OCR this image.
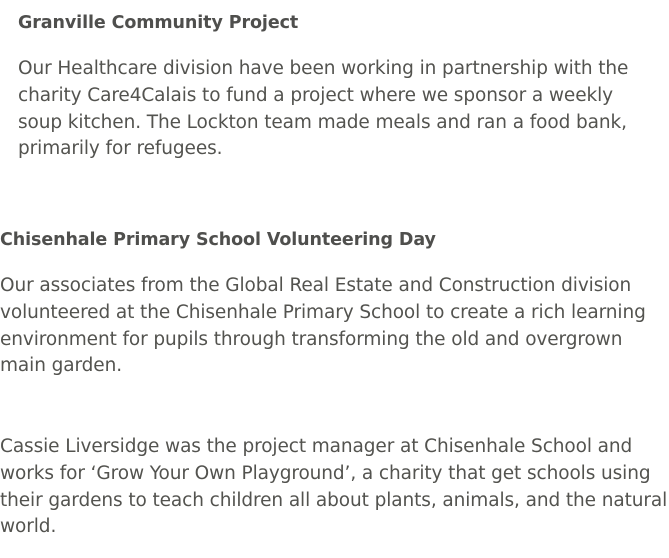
Granville Community Project
Our Healthcare division have been working in partnership with the charity Care4Calais to fund a project where we sponsor a weekly soup kitchen. The Lockton team made meals and ran a food bank, primarily for refugees.
Chisenhale Primary School Volunteering Day
Our associates from the Global Real Estate and Construction division volunteered at the Chisenhale Primary School to create a rich learning environment for pupils through transforming the old and overgrown main garden.
Cassie Liversidge was the project manager at Chisenhale School and works for ‘Grow Your Own Playground’, a charity that get schools using their gardens to teach children all about plants, animals, and the natural world.
